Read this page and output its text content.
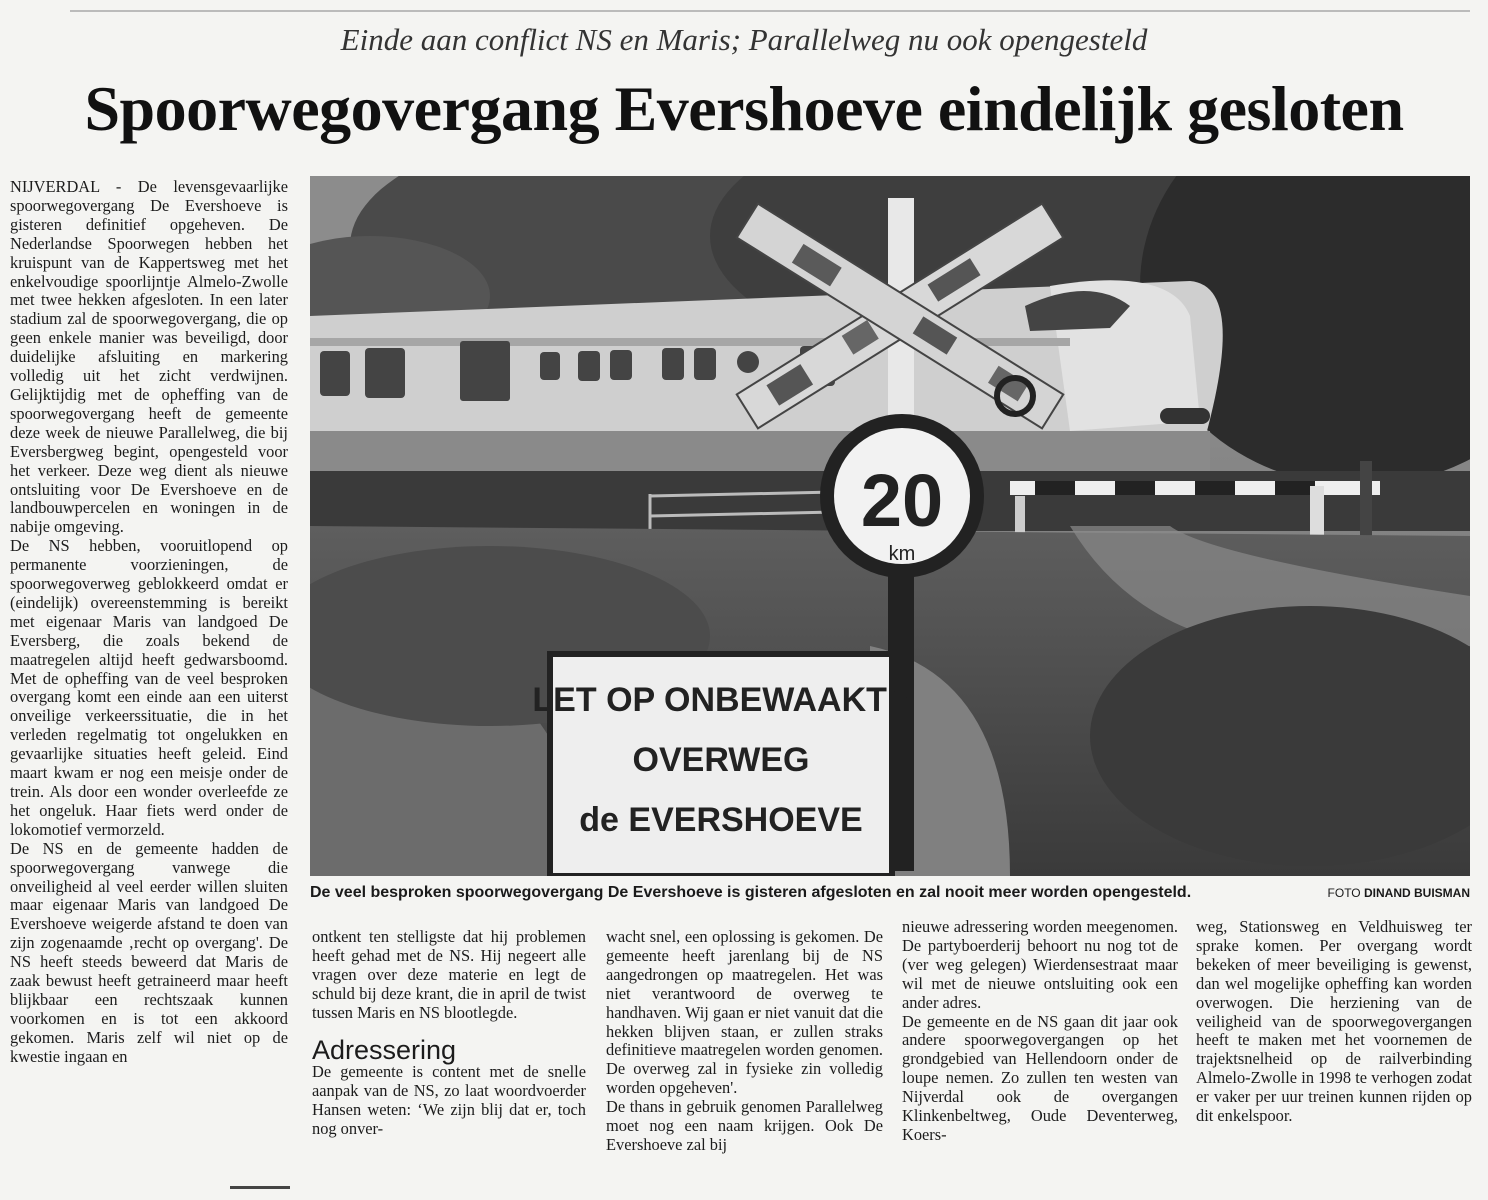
Einde aan conflict NS en Maris; Parallelweg nu ook opengesteld
Spoorwegovergang Evershoeve eindelijk gesloten

NIJVERDAL - De levensgevaarlijke spoorwegovergang De Evershoeve is gisteren definitief opgeheven. De Nederlandse Spoorwegen hebben het kruispunt van de Kappertsweg met het enkelvoudige spoorlijntje Almelo-Zwolle met twee hekken afgesloten. In een later stadium zal de spoorwegovergang, die op geen enkele manier was beveiligd, door duidelijke afsluiting en markering volledig uit het zicht verdwijnen. Gelijktijdig met de opheffing van de spoorwegovergang heeft de gemeente deze week de nieuwe Parallelweg, die bij Eversbergweg begint, opengesteld voor het verkeer. Deze weg dient als nieuwe ontsluiting voor De Evershoeve en de landbouwpercelen en woningen in de nabije omgeving.

De NS hebben, vooruitlopend op permanente voorzieningen, de spoorwegoverweg geblokkeerd omdat er (eindelijk) overeenstemming is bereikt met eigenaar Maris van landgoed De Eversberg, die zoals bekend de maatregelen altijd heeft gedwarsboomd. Met de opheffing van de veel besproken overgang komt een einde aan een uiterst onveilige verkeerssituatie, die in het verleden regelmatig tot ongelukken en gevaarlijke situaties heeft geleid. Eind maart kwam er nog een meisje onder de trein. Als door een wonder overleefde ze het ongeluk. Haar fiets werd onder de lokomotief vermorzeld.

De NS en de gemeente hadden de spoorwegovergang vanwege die onveiligheid al veel eerder willen sluiten maar eigenaar Maris van landgoed De Evershoeve weigerde afstand te doen van zijn zogenaamde ‚recht op overgang'. De NS heeft steeds beweerd dat Maris de zaak bewust heeft getraineerd maar heeft blijkbaar een rechtszaak kunnen voorkomen en is tot een akkoord gekomen. Maris zelf wil niet op de kwestie ingaan en

20
km
LET OP ONBEWAAKTE
OVERWEG
de EVERSHOEVE
De veel besproken spoorwegovergang De Evershoeve is gisteren afgesloten en zal nooit meer worden opengesteld.	FOTO DINAND BUISMAN

ontkent ten stelligste dat hij problemen heeft gehad met de NS. Hij negeert alle vragen over deze materie en legt de schuld bij deze krant, die in april de twist tussen Maris en NS blootlegde.

Adressering

De gemeente is content met de snelle aanpak van de NS, zo laat woordvoerder Hansen weten: ‘We zijn blij dat er, toch nog onver-

wacht snel, een oplossing is gekomen. De gemeente heeft jarenlang bij de NS aangedrongen op maatregelen. Het was niet verantwoord de overweg te handhaven. Wij gaan er niet vanuit dat die hekken blijven staan, er zullen straks definitieve maatregelen worden genomen. De overweg zal in fysieke zin volledig worden opgeheven'.

De thans in gebruik genomen Parallelweg moet nog een naam krijgen. Ook De Evershoeve zal bij

nieuwe adressering worden meegenomen. De partyboerderij behoort nu nog tot de (ver weg gelegen) Wierdensestraat maar wil met de nieuwe ontsluiting ook een ander adres.

De gemeente en de NS gaan dit jaar ook andere spoorwegovergangen op het grondgebied van Hellendoorn onder de loupe nemen. Zo zullen ten westen van Nijverdal ook de overgangen Klinkenbeltweg, Oude Deventerweg, Koers-

weg, Stationsweg en Veldhuisweg ter sprake komen. Per overgang wordt bekeken of meer beveiliging is gewenst, dan wel mogelijke opheffing kan worden overwogen. Die herziening van de veiligheid van de spoorwegovergangen heeft te maken met het voornemen de trajektsnelheid op de railverbinding Almelo-Zwolle in 1998 te verhogen zodat er vaker per uur treinen kunnen rijden op dit enkelspoor.
